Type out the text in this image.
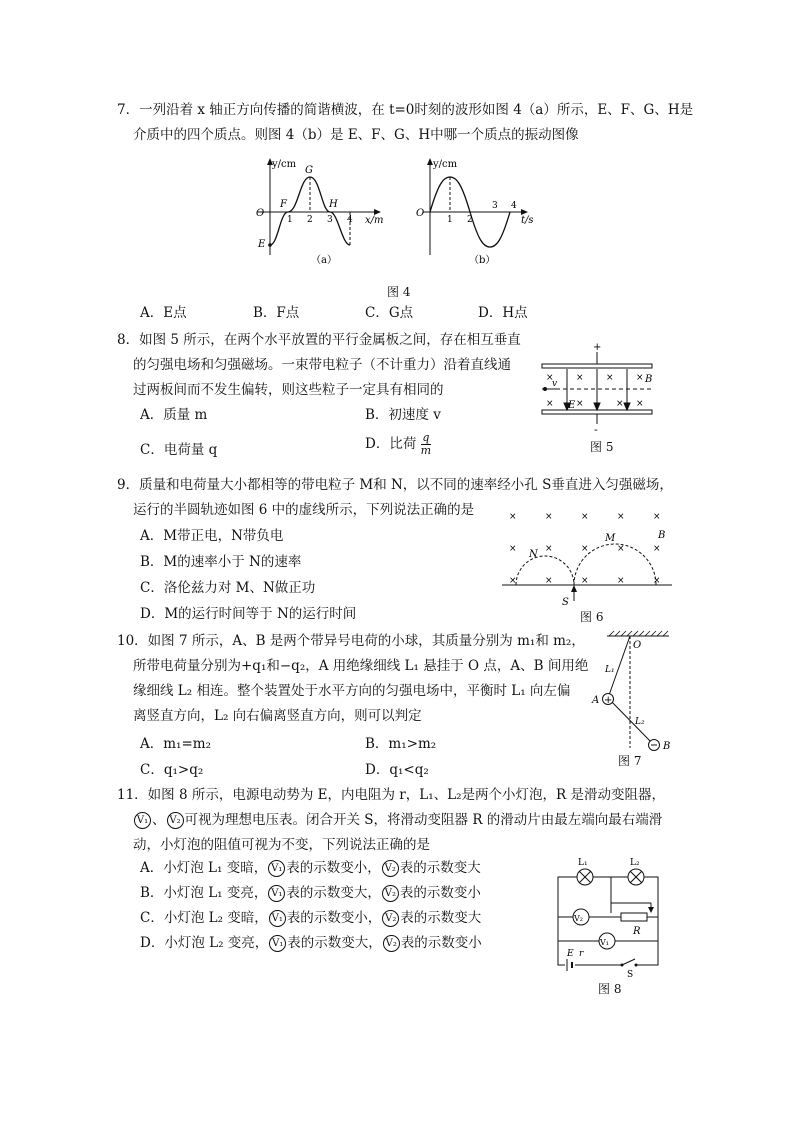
7．一列沿着 x 轴正方向传播的简谐横波，在 t=0时刻的波形如图 4（a）所示，E、F、G、H是
介质中的四个质点。则图 4（b）是 E、F、G、H中哪一个质点的振动图像
y/cm
x/m
O
1 2 3 4
E
F
G
H
（a）
y/cm
t/s
O
1 2
3 4
（b）
图 4
A．E点	B．F点	C．G点	D．H点
8．如图 5 所示，在两个水平放置的平行金属板之间，存在相互垂直
的匀强电场和匀强磁场。一束带电粒子（不计重力）沿着直线通
过两板间而不发生偏转，则这些粒子一定具有相同的
A．质量 m	B．初速度 v
C．电荷量 q	D．比荷 $\frac{q}{m}$
+
-
v
× × × ×
× ×	× ×
B
E
图 5
9．质量和电荷量大小都相等的带电粒子 M和 N，以不同的速率经小孔 S垂直进入匀强磁场，
运行的半圆轨迹如图 6 中的虚线所示，下列说法正确的是
A．M带正电，N带负电
B．M的速率小于 N的速率
C．洛伦兹力对 M、N做正功
D．M的运行时间等于 N的运行时间
×	×	×	×	×
×	×	×	×	×
×	×	×	×	×
N
M	B
S
图 6
10．如图 7 所示，A、B 是两个带异号电荷的小球，其质量分别为 m₁和 m₂，
所带电荷量分别为+q₁和−q₂，A 用绝缘细线 L₁ 悬挂于 O 点，A、B 间用绝
缘细线 L₂ 相连。整个装置处于水平方向的匀强电场中，平衡时 L₁ 向左偏
离竖直方向，L₂ 向右偏离竖直方向，则可以判定
A．m₁=m₂	B．m₁>m₂
C．q₁>q₂	D．q₁<q₂
+
O
L₁
L₂
A
B
图 7
11．如图 8 所示，电源电动势为 E，内电阻为 r，L₁、L₂是两个小灯泡，R 是滑动变阻器，
V₁ 、 V₂ 可视为理想电压表。闭合开关 S，将滑动变阻器 R 的滑动片由最左端向最右端滑
动，小灯泡的阻值可视为不变，下列说法正确的是
A．小灯泡 L₁ 变暗， V₁ 表的示数变小， V₂ 表的示数变大
B．小灯泡 L₁ 变亮， V₁ 表的示数变大， V₂ 表的示数变小
C．小灯泡 L₂ 变暗， V₁ 表的示数变小， V₂ 表的示数变大
D．小灯泡 L₂ 变亮， V₁ 表的示数变大， V₂ 表的示数变小
L₁	L₂
V₂
R
V₁
E r
S
图 8
